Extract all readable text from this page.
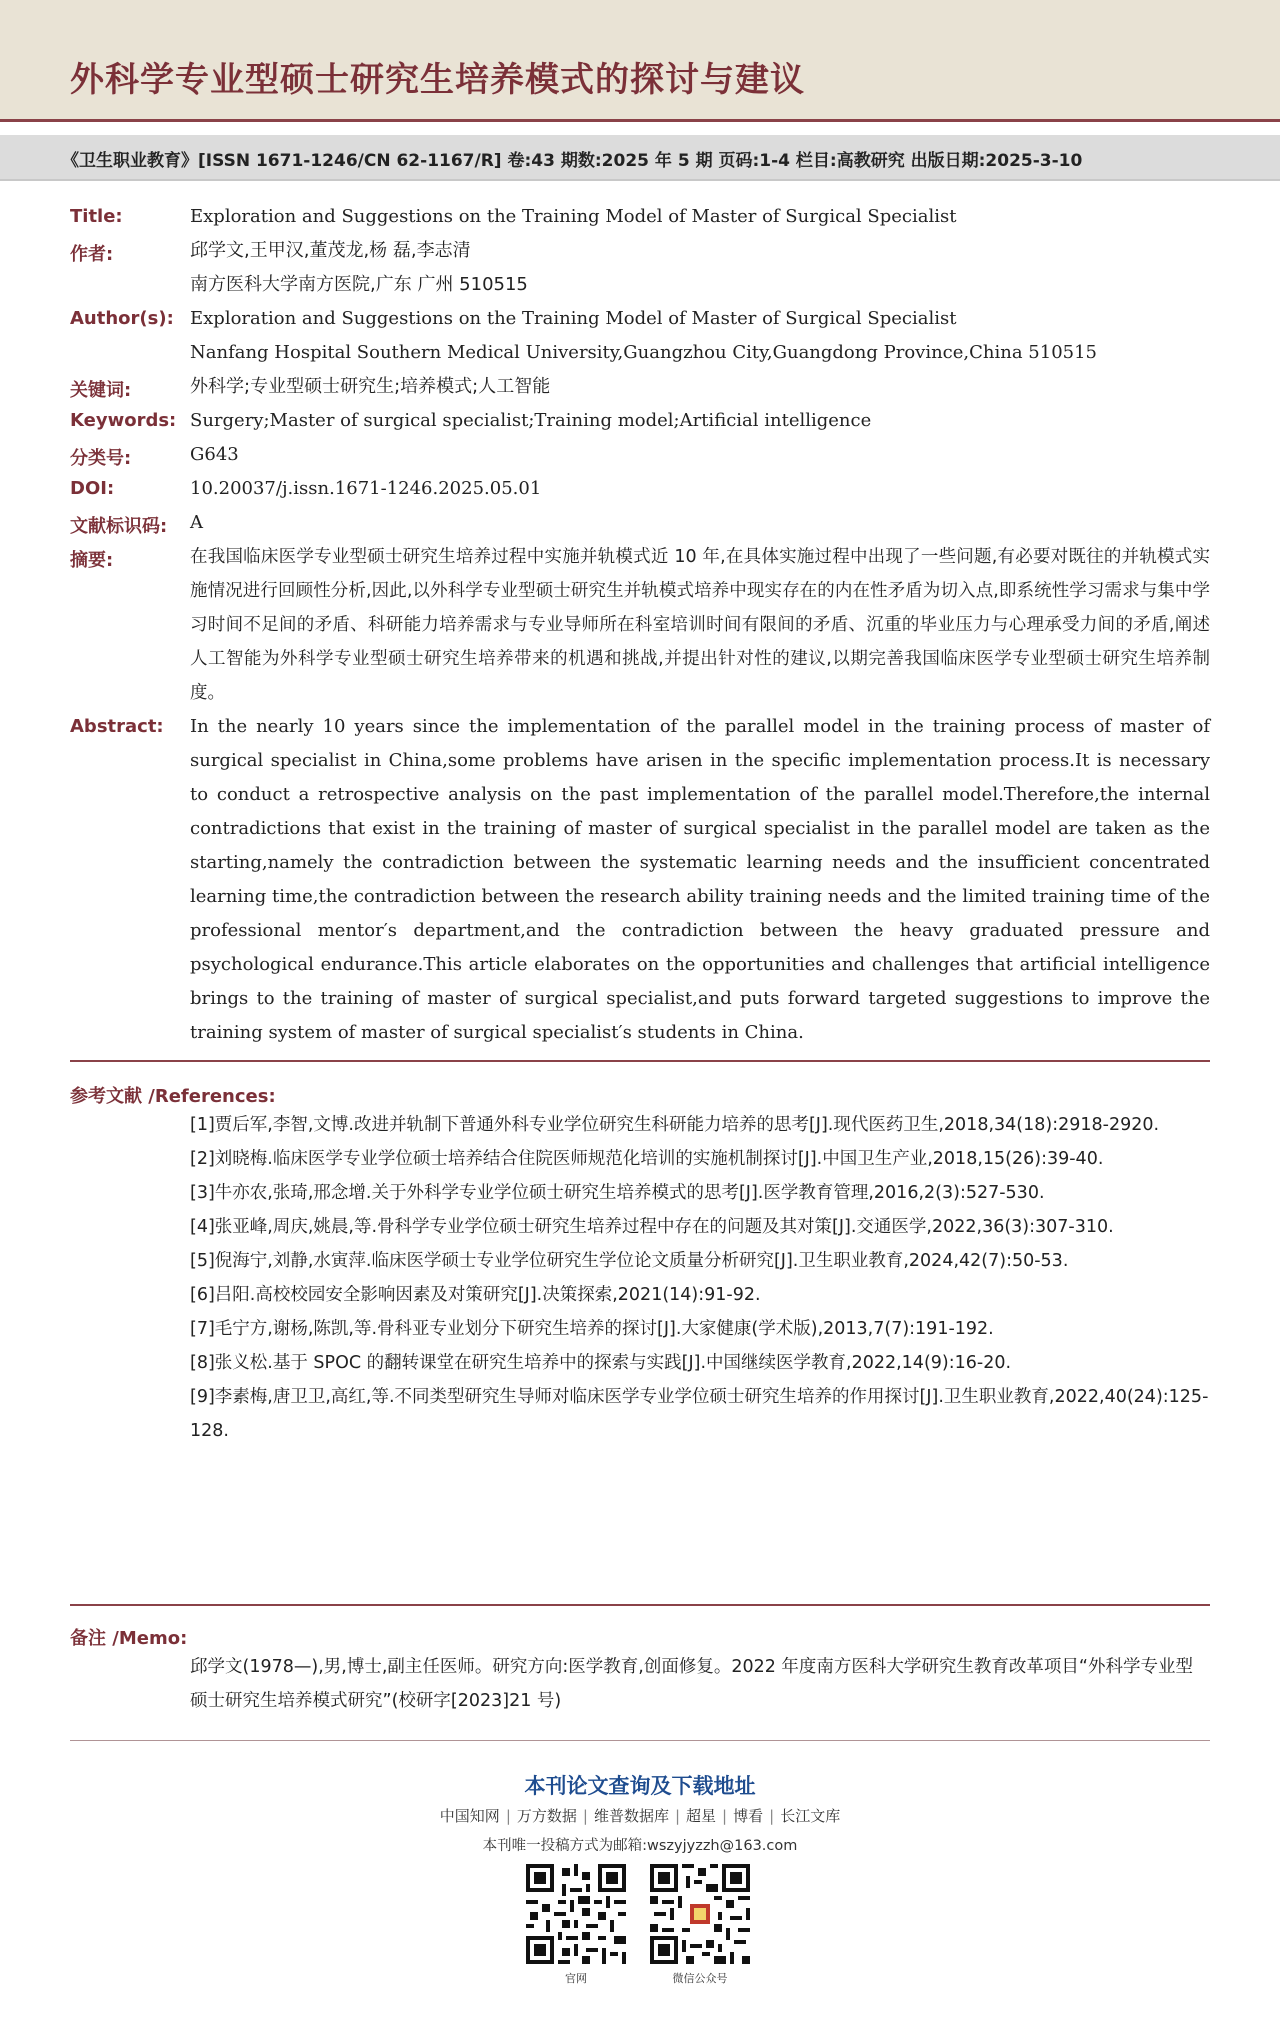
外科学专业型硕士研究生培养模式的探讨与建议
《卫生职业教育》[ISSN 1671-1246/CN 62-1167/R] 卷:43 期数:2025 年 5 期 页码:1-4 栏目:高教研究 出版日期:2025-3-10
Title:	Exploration and Suggestions on the Training Model of Master of Surgical Specialist

作者:	邱学文,王甲汉,董茂龙,杨 磊,李志清

南方医科大学南方医院,广东 广州 510515

Author(s): Exploration and Suggestions on the Training Model of Master of Surgical Specialist

Nanfang Hospital Southern Medical University,Guangzhou City,Guangdong Province,China 510515

关键词:	外科学;专业型硕士研究生;培养模式;人工智能

Keywords: Surgery;Master of surgical specialist;Training model;Artificial intelligence

分类号:	G643

DOI:	10.20037/j.issn.1671-1246.2025.05.01

文献标识码: A

摘要:	在我国临床医学专业型硕士研究生培养过程中实施并轨模式近 10 年,在具体实施过程中出现了一些问题,有必要对既往的并轨模式实施情况进行回顾性分析,因此,以外科学专业型硕士研究生并轨模式培养中现实存在的内在性矛盾为切入点,即系统性学习需求与集中学习时间不足间的矛盾、科研能力培养需求与专业导师所在科室培训时间有限间的矛盾、沉重的毕业压力与心理承受力间的矛盾,阐述人工智能为外科学专业型硕士研究生培养带来的机遇和挑战,并提出针对性的建议,以期完善我国临床医学专业型硕士研究生培养制度。
Abstract: In the nearly 10 years since the implementation of the parallel model in the training process of master of surgical specialist in China,some problems have arisen in the specific implementation process.It is necessary to conduct a retrospective analysis on the past implementation of the parallel model.Therefore,the internal contradictions that exist in the training of master of surgical specialist in the parallel model are taken as the starting,namely the contradiction between the systematic learning needs and the insufficient concentrated learning time,the contradiction between the research ability training needs and the limited training time of the professional mentor′s department,and the contradiction between the heavy graduated pressure and psychological endurance.This article elaborates on the opportunities and challenges that artificial intelligence brings to the training of master of surgical specialist,and puts forward targeted suggestions to improve the training system of master of surgical specialist′s students in China.
参考文献 /References:

[1]贾后军,李智,文博.改进并轨制下普通外科专业学位研究生科研能力培养的思考[J].现代医药卫生,2018,34(18):2918-2920.

[2]刘晓梅.临床医学专业学位硕士培养结合住院医师规范化培训的实施机制探讨[J].中国卫生产业,2018,15(26):39-40.

[3]牛亦农,张琦,邢念增.关于外科学专业学位硕士研究生培养模式的思考[J].医学教育管理,2016,2(3):527-530.

[4]张亚峰,周庆,姚晨,等.骨科学专业学位硕士研究生培养过程中存在的问题及其对策[J].交通医学,2022,36(3):307-310.

[5]倪海宁,刘静,水寅萍.临床医学硕士专业学位研究生学位论文质量分析研究[J].卫生职业教育,2024,42(7):50-53.

[6]吕阳.高校校园安全影响因素及对策研究[J].决策探索,2021(14):91-92.

[7]毛宁方,谢杨,陈凯,等.骨科亚专业划分下研究生培养的探讨[J].大家健康(学术版),2013,7(7):191-192.

[8]张义松.基于 SPOC 的翻转课堂在研究生培养中的探索与实践[J].中国继续医学教育,2022,14(9):16-20.

[9]李素梅,唐卫卫,高红,等.不同类型研究生导师对临床医学专业学位硕士研究生培养的作用探讨[J].卫生职业教育,2022,40(24):125-128.

备注 /Memo:
邱学文(1978—),男,博士,副主任医师。研究方向:医学教育,创面修复。2022 年度南方医科大学研究生教育改革项目“外科学专业型硕士研究生培养模式研究”(校研字[2023]21 号)

本刊论文查询及下载地址

中国知网 | 万方数据 | 维普数据库 | 超星 | 博看 | 长江文库
本刊唯一投稿方式为邮箱:wszyjyzzh@163.com
官网	微信公众号
